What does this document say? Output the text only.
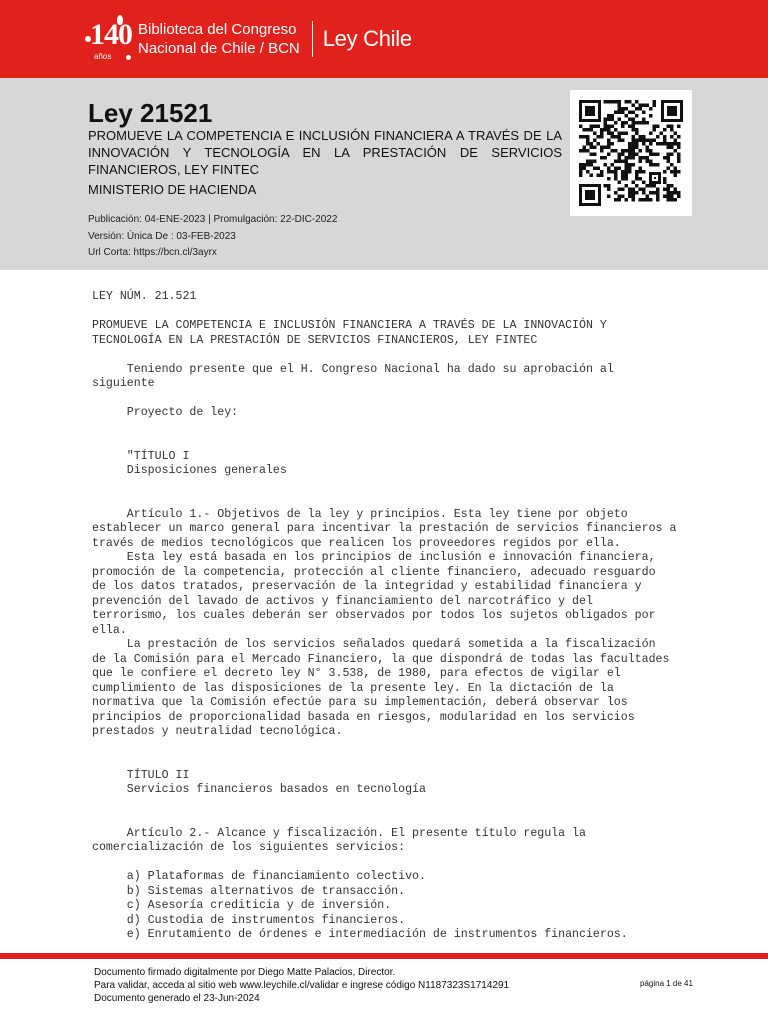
140
años
Biblioteca del Congreso
Nacional de Chile / BCN Ley Chile
Ley 21521
PROMUEVE LA COMPETENCIA E INCLUSIÓN FINANCIERA A TRAVÉS DE LA INNOVACIÓN Y TECNOLOGÍA EN LA PRESTACIÓN DE SERVICIOS FINANCIEROS, LEY FINTEC
MINISTERIO DE HACIENDA
Publicación: 04-ENE-2023 | Promulgación: 22-DIC-2022
Versión: Única De : 03-FEB-2023
Url Corta: https://bcn.cl/3ayrx
LEY NÚM. 21.521

PROMUEVE LA COMPETENCIA E INCLUSIÓN FINANCIERA A TRAVÉS DE LA INNOVACIÓN Y
TECNOLOGÍA EN LA PRESTACIÓN DE SERVICIOS FINANCIEROS, LEY FINTEC

Teniendo presente que el H. Congreso Nacional ha dado su aprobación al
siguiente

Proyecto de ley:

"TÍTULO I
Disposiciones generales

Artículo 1.- Objetivos de la ley y principios. Esta ley tiene por objeto
establecer un marco general para incentivar la prestación de servicios financieros a
través de medios tecnológicos que realicen los proveedores regidos por ella.
Esta ley está basada en los principios de inclusión e innovación financiera,
promoción de la competencia, protección al cliente financiero, adecuado resguardo
de los datos tratados, preservación de la integridad y estabilidad financiera y
prevención del lavado de activos y financiamiento del narcotráfico y del
terrorismo, los cuales deberán ser observados por todos los sujetos obligados por
ella.
La prestación de los servicios señalados quedará sometida a la fiscalización
de la Comisión para el Mercado Financiero, la que dispondrá de todas las facultades
que le confiere el decreto ley N° 3.538, de 1980, para efectos de vigilar el
cumplimiento de las disposiciones de la presente ley. En la dictación de la
normativa que la Comisión efectúe para su implementación, deberá observar los
principios de proporcionalidad basada en riesgos, modularidad en los servicios
prestados y neutralidad tecnológica.

TÍTULO II
Servicios financieros basados en tecnología

Artículo 2.- Alcance y fiscalización. El presente título regula la
comercialización de los siguientes servicios:

a) Plataformas de financiamiento colectivo.
b) Sistemas alternativos de transacción.
c) Asesoría crediticia y de inversión.
d) Custodia de instrumentos financieros.
e) Enrutamiento de órdenes e intermediación de instrumentos financieros.
Documento firmado digitalmente por Diego Matte Palacios, Director.
Para validar, acceda al sitio web www.leychile.cl/validar e ingrese código N1187323S1714291
Documento generado el 23-Jun-2024
página 1 de 41
